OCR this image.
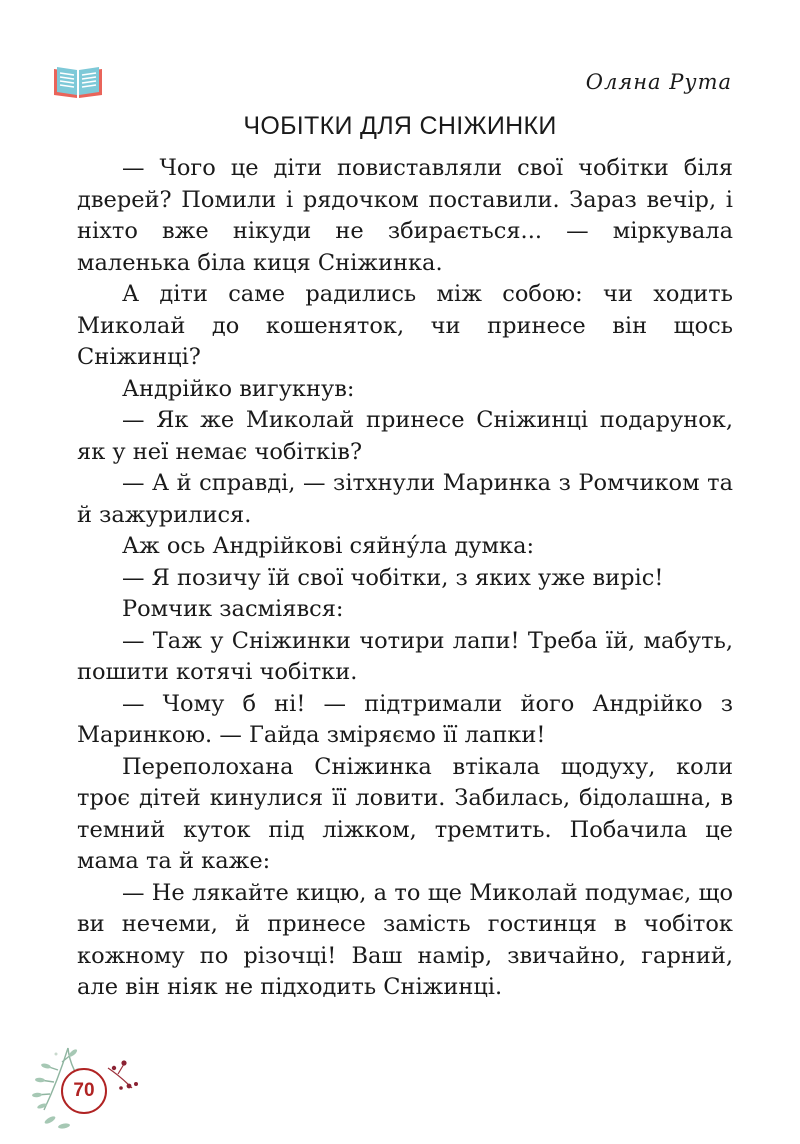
Оляна Рута
ЧОБІТКИ ДЛЯ СНІЖИНКИ

— Чого це діти повиставляли свої чобітки біля дверей? Помили і рядочком поставили. Зараз вечір, і ніхто вже нікуди не збирається... — міркувала маленька біла киця Сніжинка.

А діти саме радились між собою: чи ходить Миколай до кошеняток, чи принесе він щось Сніжинці?

Андрійко вигукнув:

— Як же Миколай принесе Сніжинці подарунок, як у неї немає чобітків?

— А й справді, — зітхнули Маринка з Ромчиком та й зажурилися.

Аж ось Андрійкові сяйну́ла думка:

— Я позичу їй свої чобітки, з яких уже виріс!

Ромчик засміявся:

— Таж у Сніжинки чотири лапи! Треба їй, мабуть, пошити котячі чобітки.

— Чому б ні! — підтримали його Андрійко з Маринкою. — Гайда зміряємо її лапки!

Переполохана Сніжинка втікала щодуху, коли троє дітей кинулися її ловити. Забилась, бідолашна, в темний куток під ліжком, тремтить. Побачила це мама та й каже:

— Не лякайте кицю, а то ще Миколай подумає, що ви нечеми, й принесе замість гостинця в чобіток кожному по різочці! Ваш намір, звичайно, гарний, але він ніяк не підходить Сніжинці.

70
